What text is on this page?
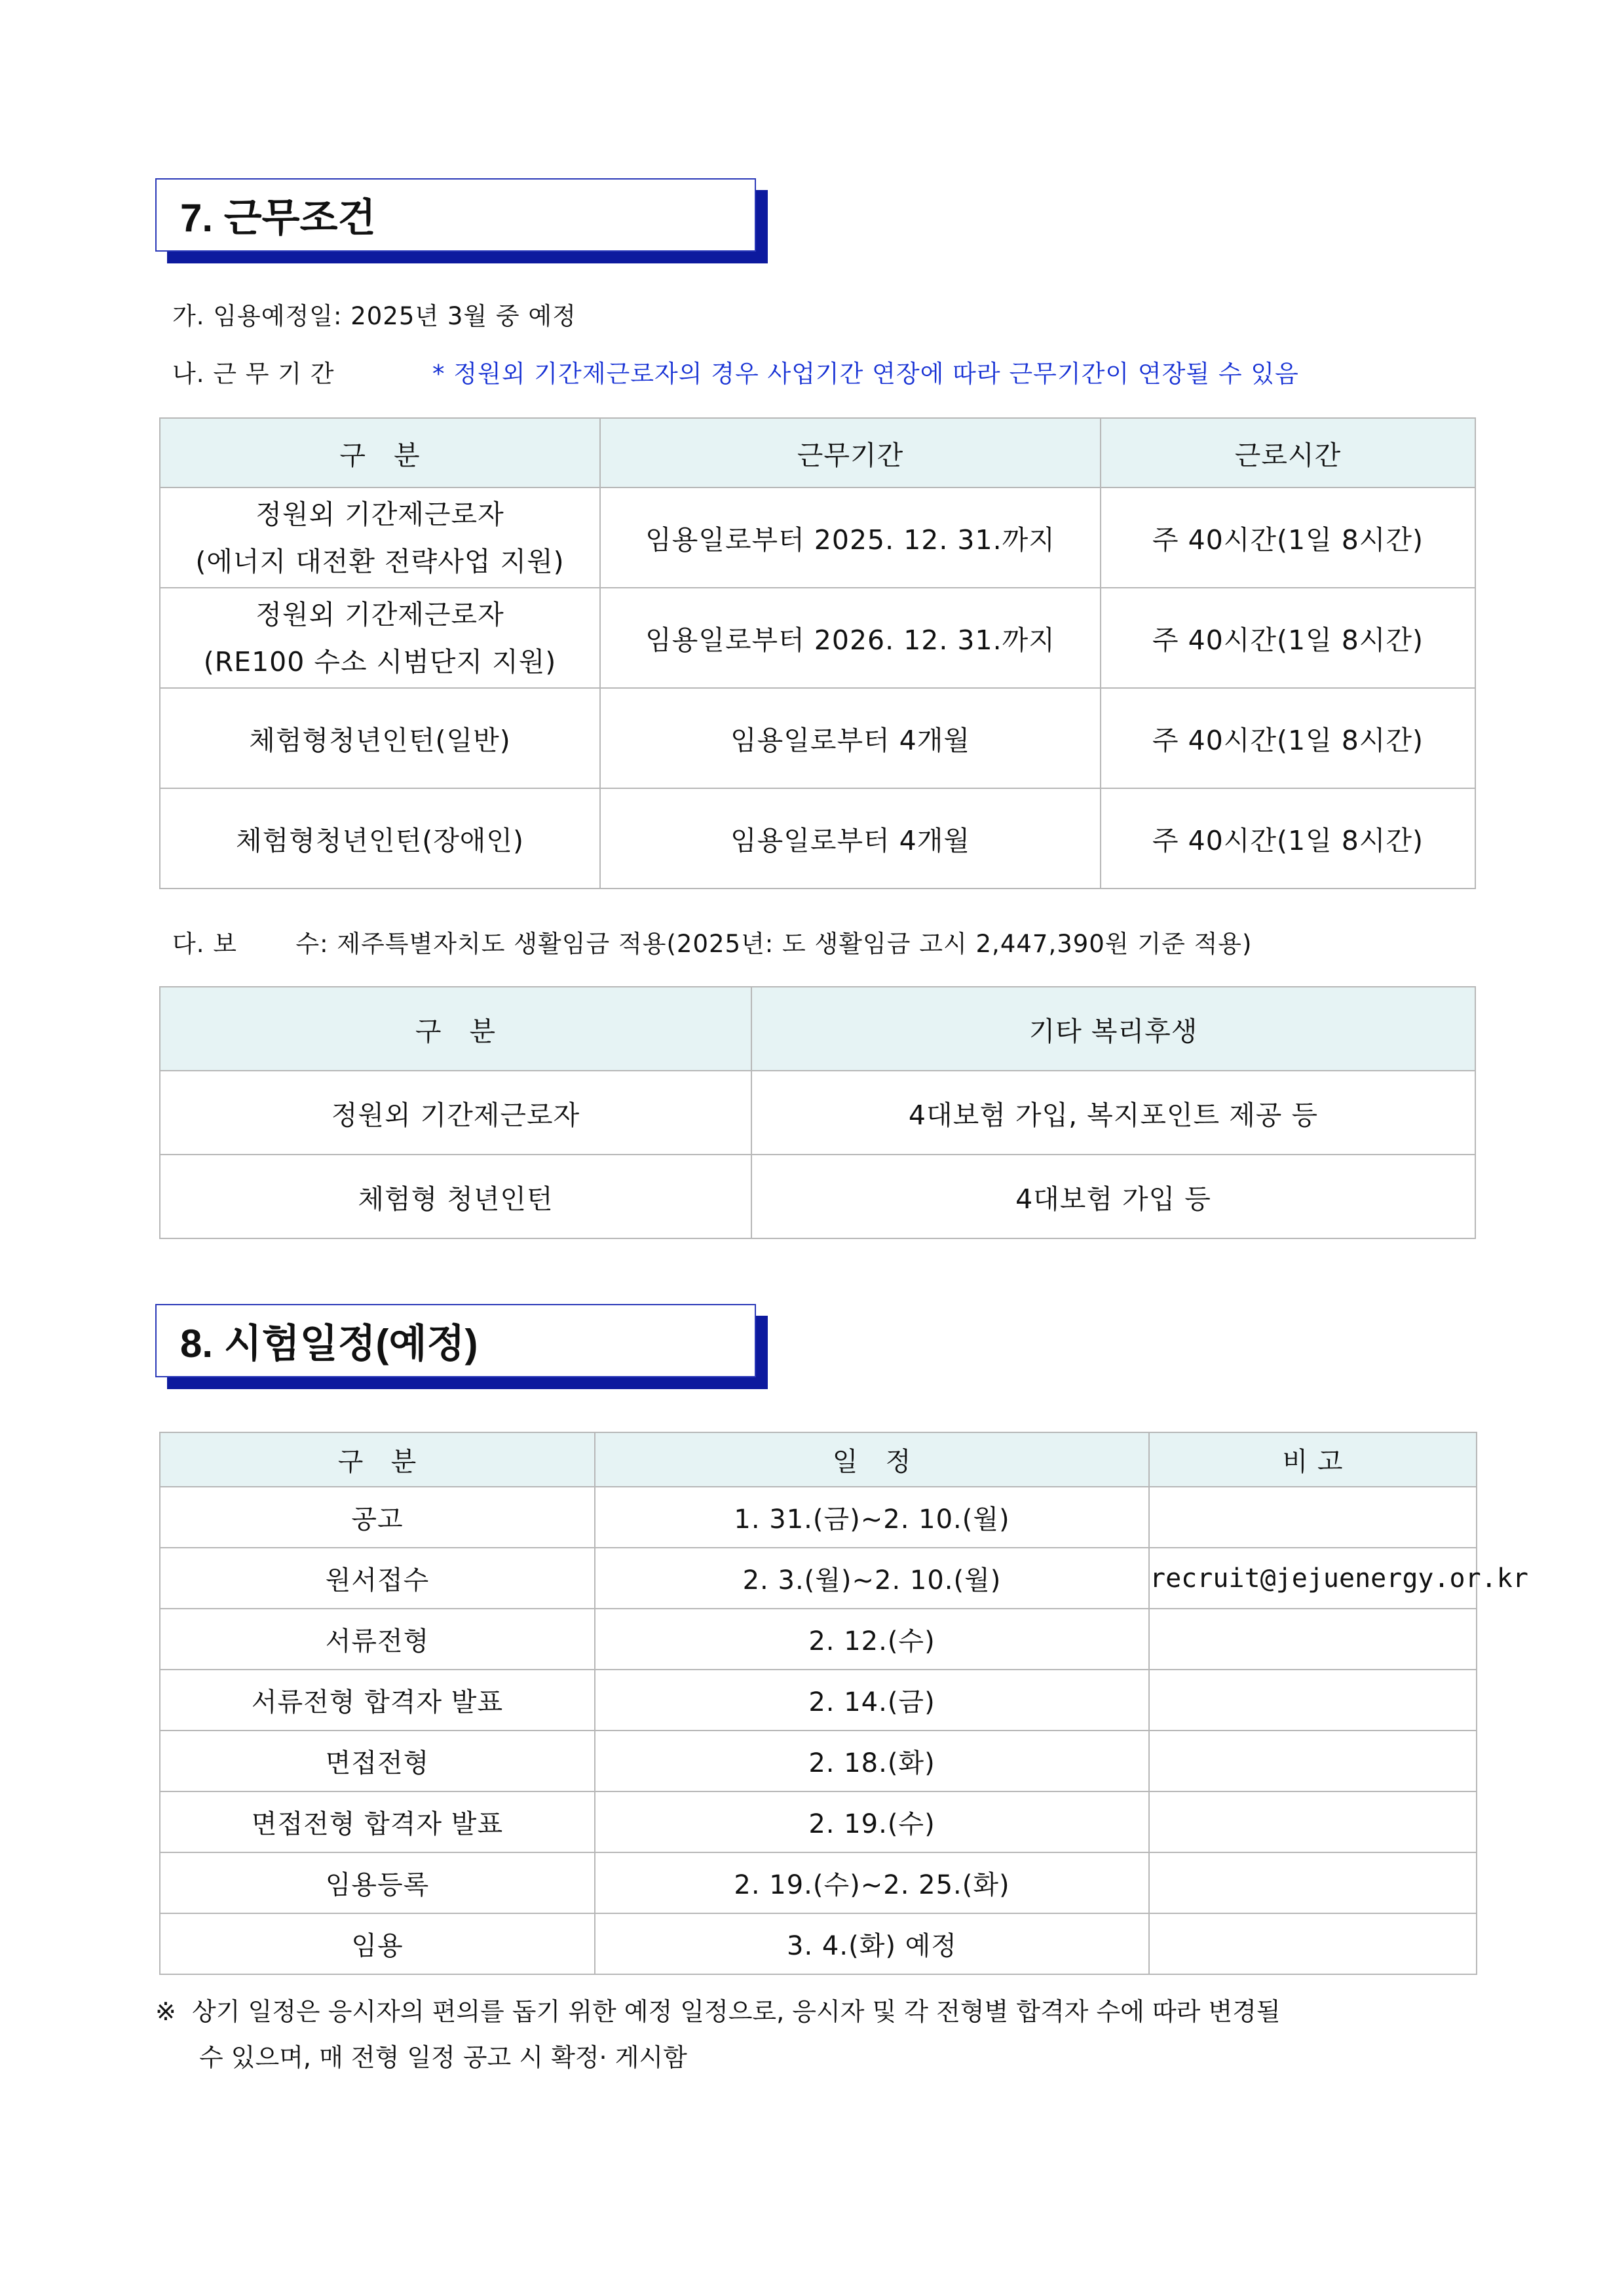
7. 근무조건
가. 임용예정일: 2025년 3월 중 예정
나. 근 무 기 간	* 정원외 기간제근로자의 경우 사업기간 연장에 따라 근무기간이 연장될 수 있음
구   분	근무기간	근로시간

정원외 기간제근로자
(에너지 대전환 전략사업 지원)	임용일로부터 2025. 12. 31.까지	주 40시간(1일 8시간)

정원외 기간제근로자
(RE100 수소 시범단지 지원)	임용일로부터 2026. 12. 31.까지	주 40시간(1일 8시간)
체험형청년인턴(일반)	임용일로부터 4개월	주 40시간(1일 8시간)
체험형청년인턴(장애인)	임용일로부터 4개월	주 40시간(1일 8시간)
다. 보       수: 제주특별자치도 생활임금 적용(2025년: 도 생활임금 고시 2,447,390원 기준 적용)
구   분	기타 복리후생
정원외 기간제근로자	4대보험 가입, 복지포인트 제공 등
체험형 청년인턴	4대보험 가입 등
8. 시험일정(예정)
구   분	일   정	비 고
공고	1. 31.(금)~2. 10.(월)	
원서접수	2. 3.(월)~2. 10.(월)	recruit@jejuenergy.or.kr
서류전형	2. 12.(수)	
서류전형 합격자 발표	2. 14.(금)	
면접전형	2. 18.(화)	
면접전형 합격자 발표	2. 19.(수)	
임용등록	2. 19.(수)~2. 25.(화)	
임용	3. 4.(화) 예정	
※  상기 일정은 응시자의 편의를 돕기 위한 예정 일정으로, 응시자 및 각 전형별 합격자 수에 따라 변경될
수 있으며, 매 전형 일정 공고 시 확정· 게시함
